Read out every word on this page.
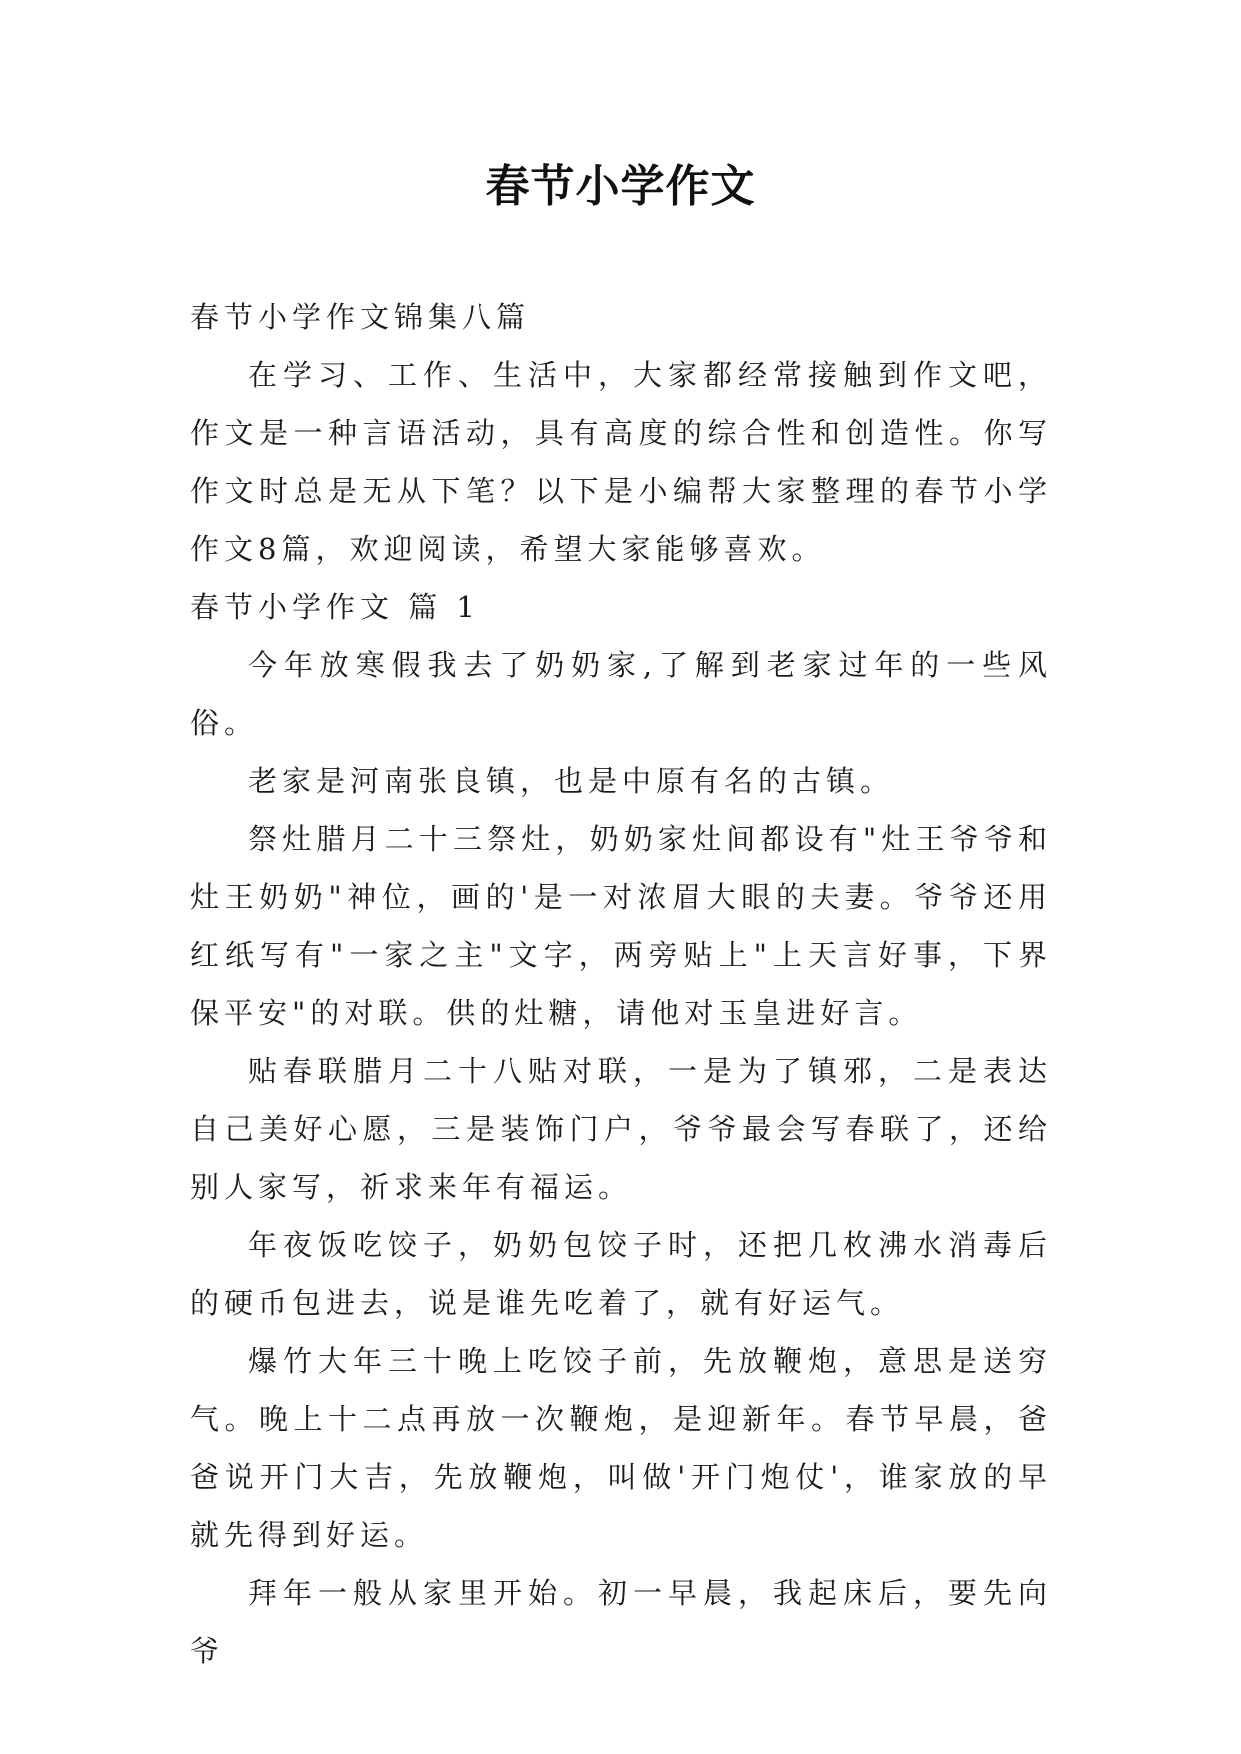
春节小学作文

春节小学作文锦集八篇

在学习、工作、生活中，大家都经常接触到作文吧，作文是一种言语活动，具有高度的综合性和创造性。你写作文时总是无从下笔？以下是小编帮大家整理的春节小学作文8篇，欢迎阅读，希望大家能够喜欢。

春节小学作文 篇 1

今年放寒假我去了奶奶家,了解到老家过年的一些风俗。

老家是河南张良镇，也是中原有名的古镇。

祭灶腊月二十三祭灶，奶奶家灶间都设有"灶王爷爷和灶王奶奶"神位，画的'是一对浓眉大眼的夫妻。爷爷还用红纸写有"一家之主"文字，两旁贴上"上天言好事，下界保平安"的对联。供的灶糖，请他对玉皇进好言。

贴春联腊月二十八贴对联，一是为了镇邪，二是表达自己美好心愿，三是装饰门户，爷爷最会写春联了，还给别人家写，祈求来年有福运。

年夜饭吃饺子，奶奶包饺子时，还把几枚沸水消毒后的硬币包进去，说是谁先吃着了，就有好运气。

爆竹大年三十晚上吃饺子前，先放鞭炮，意思是送穷气。晚上十二点再放一次鞭炮，是迎新年。春节早晨，爸爸说开门大吉，先放鞭炮，叫做'开门炮仗'，谁家放的早就先得到好运。

拜年一般从家里开始。初一早晨，我起床后，要先向爷
